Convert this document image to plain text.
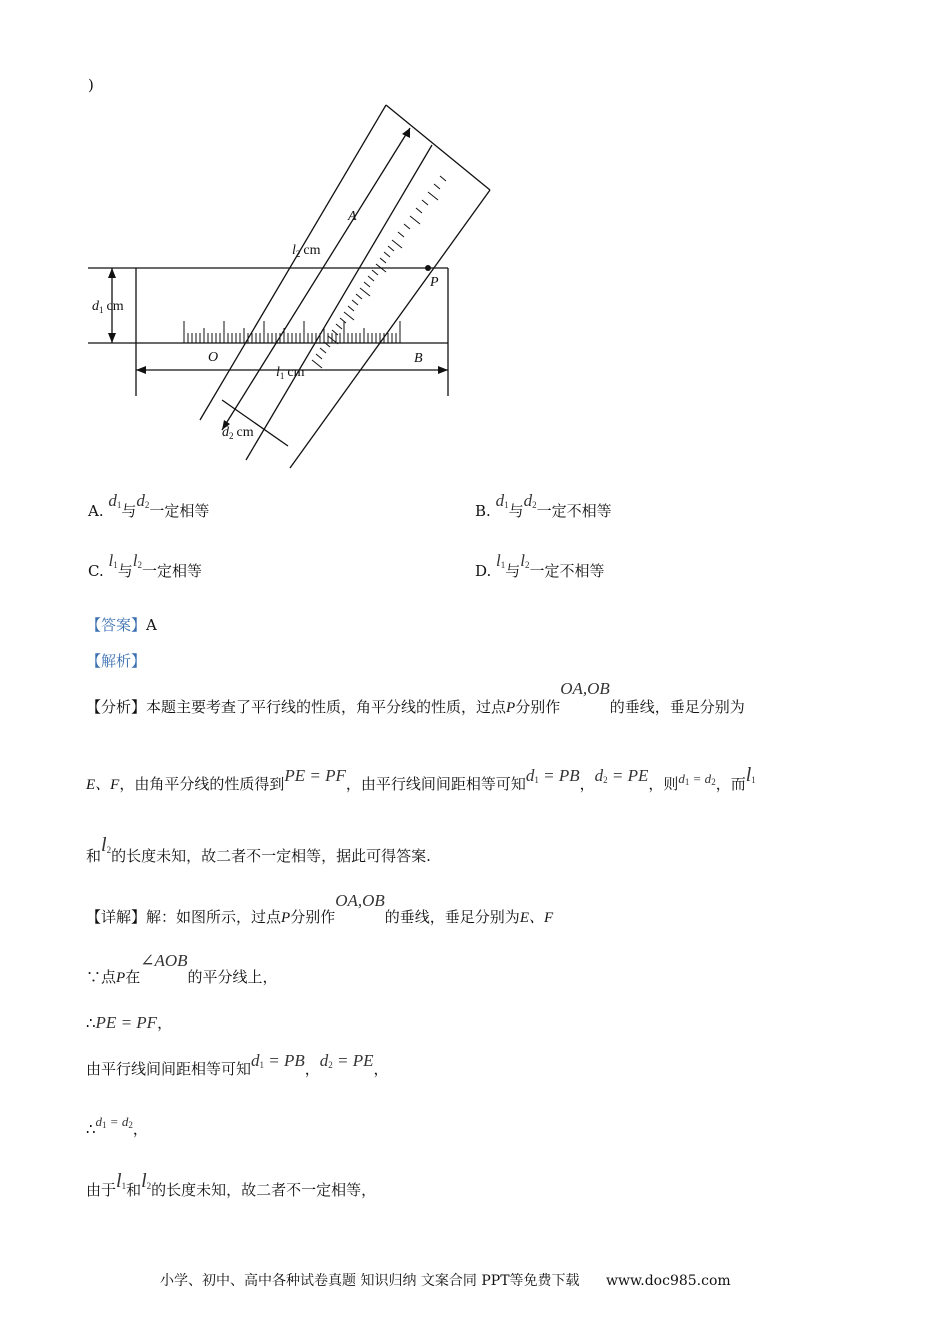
)
A
$l_2$ cm
P
$d_1$ cm
O
$l_1$ cm
B
$d_2$ cm
A. $d^1$与$d^2$一定相等	B. $d^1$与$d^2$一定不相等
C. $l^1$与$l^2$一定相等	D. $l^1$与$l^2$一定不相等
【答案】A
【解析】
【分析】本题主要考查了平行线的性质，角平分线的性质，过点P分别作OA,OB的垂线，垂足分别为
E、F，由角平分线的性质得到PE = PF，由平行线间间距相等可知$d_1$ = PB，$d_2$ = PE，则$d_1 = d_2$，而$l^1$
和$l^2$的长度未知，故二者不一定相等，据此可得答案.
【详解】解：如图所示，过点P分别作OA,OB的垂线，垂足分别为E、F
∵点P在∠AOB的平分线上，
∴PE = PF，
由平行线间间距相等可知$d_1$ = PB，$d_2$ = PE，
$\therefore d_1 = d_2$，
由于$l^1$和$l^2$的长度未知，故二者不一定相等，
小学、初中、高中各种试卷真题 知识归纳 文案合同 PPT等免费下载 www.doc985.com
